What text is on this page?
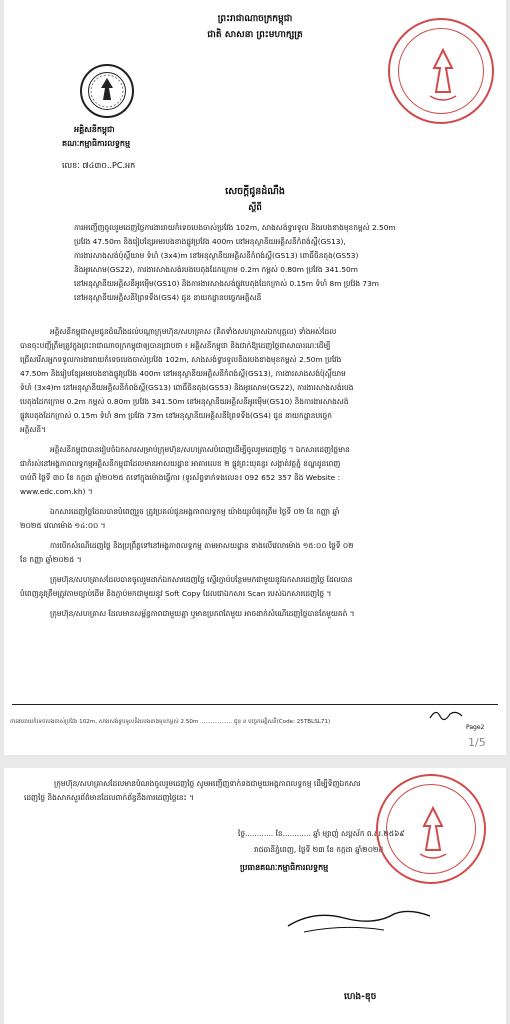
ព្រះរាជាណាចក្រកម្ពុជា
ជាតិ សាសនា ព្រះមហាក្សត្រ
អគ្គិសនីកម្ពុជា
គណៈកម្មាធិការលទ្ធកម្ម
លេខៈ ៧៤៣០..PC.អក
សេចក្តីជូនដំណឹង
ស្តីពី
ការអញ្ជើញចូលរួមដេញថ្លៃការងាររាយកំទេចបេងចាស់ប្រវែង 102m, សាងសង់ទ្វារទូល និងរបងខាងមុខកម្ពស់ 2.50m
ប្រវែង 47.50m និងរៀបខ្សែអមរបងខាងផ្លូវប្រវែង 400m នៅអនុស្ថានីយអគ្គិសនីកំពង់ស្ពឺ(GS13),
ការងារសាងសង់ប៉ុស្តិ៍យាម ទំហំ (3x4)m នៅអនុស្ថានីយអគ្គិសនីកំពង់ស្ពឺ(GS13) ពោធិ៍ចិនតុង(GS53)
និងអូរសោម(GS22), ការងារសាងសង់របងបេតុងដែកក្រោម 0.2m កម្ពស់ 0.80m ប្រវែង 341.50m
នៅអនុស្ថានីយអគ្គិសនីអូរម៉ើម(GS10) និងការងារសាងសង់ផ្លូវបេតុងដែកក្រាស់ 0.15m ទំហំ 8m ប្រវែង 73m
នៅអនុស្ថានីយអគ្គិសនីព្រៃទទឹង(GS4) ជូន នាយកដ្ឋានបច្ចេកអគ្គិសនី
អគ្គិសនីកម្ពុជាសូមជូនដំណឹងដល់បណ្តាក្រុមហ៊ុន/សហគ្រាស (គិតទាំងសហគ្រាសឯកបុគ្គល) ទាំងអស់ដែល
បានចុះបញ្ជីត្រឹមត្រូវក្នុងព្រះរាជាណាចក្រកម្ពុជាឲ្យបានជ្រាបថា ៖ អគ្គិសនីកម្ពុជា និងជាក់ឱ្យដេញថ្លៃជាសាធារណៈដើម្បី
ជ្រើសរើសអ្នកទទួលការងាររាយកំទេចបេងចាស់ប្រវែង 102m, សាងសង់ទ្វារទូលនិងរបងខាងមុខកម្ពស់ 2.50m ប្រវែង
47.50m និងរៀបខ្សែអមរបងខាងផ្លូវប្រវែង 400m នៅអនុស្ថានីយអគ្គិសនីកំពង់ស្ពឺ(GS13), ការងារសាងសង់ប៉ុស្តិ៍យាម
ទំហំ (3x4)m នៅអនុស្ថានីយអគ្គិសនីកំពង់ស្ពឺ(GS13) ពោធិ៍ចិនតុង(GS53) និងអូរសោម(GS22), ការងារសាងសង់របង
បេតុងដែកក្រោម 0.2m កម្ពស់ 0.80m ប្រវែង 341.50m នៅអនុស្ថានីយអគ្គិសនីអូរម៉ើម(GS10) និងការងារសាងសង់
ផ្លូវបេតុងដែកក្រាស់ 0.15m ទំហំ 8m ប្រវែង 73m នៅអនុស្ថានីយអគ្គិសនីព្រៃទទឹង(GS4) ជូន នាយកដ្ឋានបច្ចេក
អគ្គិសនី។
អគ្គិសនីកម្ពុជាបានរៀបចំឯកសារសម្រាប់ក្រុមហ៊ុន/សហគ្រាសបំពេញដើម្បីចូលរួមដេញថ្លៃ ។ ឯកសារដេញថ្លៃមាន
ជាកំរស់នៅអង្គភាពលទ្ធកម្មអគ្គិសនីកម្ពុជាដែលមានអាសយដ្ឋាន អាគារលេខ ២ ផ្លូវព្រះយុគន្ធរ សង្កាត់វត្តភ្នំ ខណ្ឌដូនពេញ
ចាប់ពី ថ្ងៃទី ៣០ ខែ កក្កដា ឆ្នាំ២០២៥ តទៅក្នុងម៉ោងធ្វើការ (ទូរស័ព្ទទាក់ទងលេខ៖ 092 652 357 និង Website :
www.edc.com.kh) ។
ឯកសារដេញថ្លៃដែលបានបំពេញរួច ត្រូវប្រគល់ជូនអង្គភាពលទ្ធកម្ម យ៉ាងយូរបំផុតត្រឹម ថ្ងៃទី ០២ ខែ កញ្ញា ឆ្នាំ
២០២៥ វេលាម៉ោង ១៤:០០ ។
ការបើកសំណើដេញថ្លៃ និងប្រព្រឹត្តទៅនៅអង្គភាពលទ្ធកម្ម តាមអាសយដ្ឋាន ខាងលើវេលាម៉ោង ១៥:០០ ថ្ងៃទី ០២
ខែ កញ្ញា ឆ្នាំ២០២៥ ។
ក្រុមហ៊ុន/សហគ្រាសដែលបានចូលរួមដាក់ឯកសារដេញថ្លៃ ស្នើរភ្ជាប់បន្ថែមមកជាមួយនូវឯកសារដេញថ្លៃ ដែលបាន
បំពេញនូវត្រឹមត្រូវតាមច្បាប់ដើម និងភ្ជាប់មកជាមួយនូវ Soft Copy ដែលជាឯកសារ Scan របស់ឯកសារដេញថ្លៃ ។
ក្រុមហ៊ុន/សហគ្រាស ដែលមានសម្ព័ន្ធភាពជាមួយគ្នា ឬមានប្រភពតែមួយ អាចដាក់សំណើដេញថ្លៃបានតែមួយគត់ ។
ការងាររាយកំទេចបេងចាស់ប្រវែង 102m, សាងសង់ទ្វារទូលនិងរបងខាងមុខកម្ពស់ 2.50m .................. ជូន ន បច្ចេកអគ្គិសនី(Code: 25TBLSL71)
Page2
1/5
ក្រុមហ៊ុន/សហគ្រាសដែលមានបំណងចូលរួមដេញថ្លៃ សូមអញ្ជើញទាក់ទងជាមួយអង្គភាពលទ្ធកម្ម ដើម្បីទិញឯកសារ
ដេញថ្លៃ និងសាកសួរព័ត៌មានដែលពាក់ព័ន្ធនឹងការដេញថ្លៃនេះ ។
ថ្ងៃ............ ខែ............ ឆ្នាំ ម្សាញ់ សប្តស័ក ព.ស.២៥៦៩
រាជធានីភ្នំពេញ, ថ្ងៃទី ២៣ ខែ កក្កដា ឆ្នាំ២០២៥
ប្រធានគណៈកម្មាធិការលទ្ធកម្ម
ហេង-ឌុច
